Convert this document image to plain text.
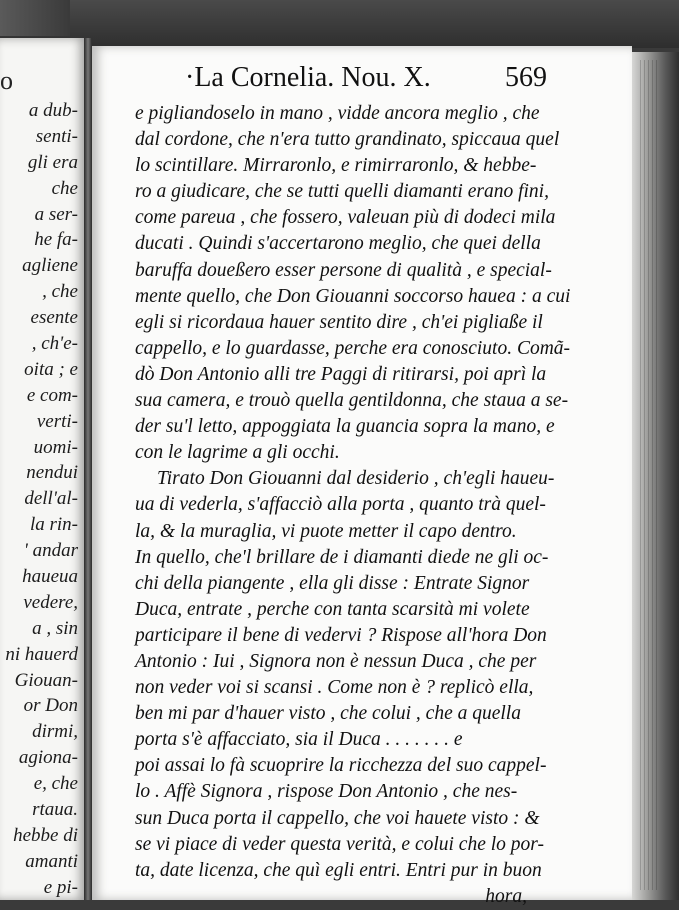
o
a dub-
senti-
gli era
che
a ser-
he fa-
agliene
, che
esente
, ch'e-
oita ; e
e com-
verti-
uomi-
nendui
dell'al-
la rin-
' andar
haueua
vedere,
a , sin
ni hauerd
Giouan-
or Don
dirmi,
agiona-
e, che
rtaua.
hebbe di
amanti
e pi-
·La Cornelia. Nou. X.	569
e pigliandoselo in mano , vidde ancora meglio , che
dal cordone, che n'era tutto grandinato, spiccaua quel
lo scintillare. Mirraronlo, e rimirraronlo, & hebbe-
ro a giudicare, che se tutti quelli diamanti erano fini,
come pareua , che fossero, valeuan più di dodeci mila
ducati . Quindi s'accertarono meglio, che quei della
baruffa doueßero esser persone di qualità , e special-
mente quello, che Don Giouanni soccorso haueа : a cui
egli si ricordaua hauer sentito dire , ch'ei pigliaße il
cappello, e lo guardasse, perche era conosciuto. Comã-
dò Don Antonio alli tre Paggi di ritirarsi, poi aprì la
sua camera, e trouò quella gentildonna, che staua a se-
der su'l letto, appoggiata la guancia sopra la mano, e
con le lagrime a gli occhi.
Tirato Don Giouanni dal desiderio , ch'egli haueu-
ua di vederla, s'affacciò alla porta , quanto trà quel-
la, & la muraglia, vi puote metter il capo dentro.
In quello, che'l brillare de i diamanti diede ne gli oc-
chi della piangente , ella gli disse : Entrate Signor
Duca, entrate , perche con tanta scarsità mi volete
participare il bene di vedervi ? Rispose all'hora Don
Antonio : Iui , Signora non è nessun Duca , che per
non veder voi si scansi . Come non è ? replicò ella,
ben mi par d'hauer visto , che colui , che a quella
porta s'è affacciato, sia il Duca . . . . . . . e
poi assai lo fà scuoprire la ricchezza del suo cappel-
lo . Affè Signora , rispose Don Antonio , che nes-
sun Duca porta il cappello, che voi hauete visto : &
se vi piace di veder questa verità, e colui che lo por-
ta, date licenza, che quì egli entri. Entri pur in buon
hora,
